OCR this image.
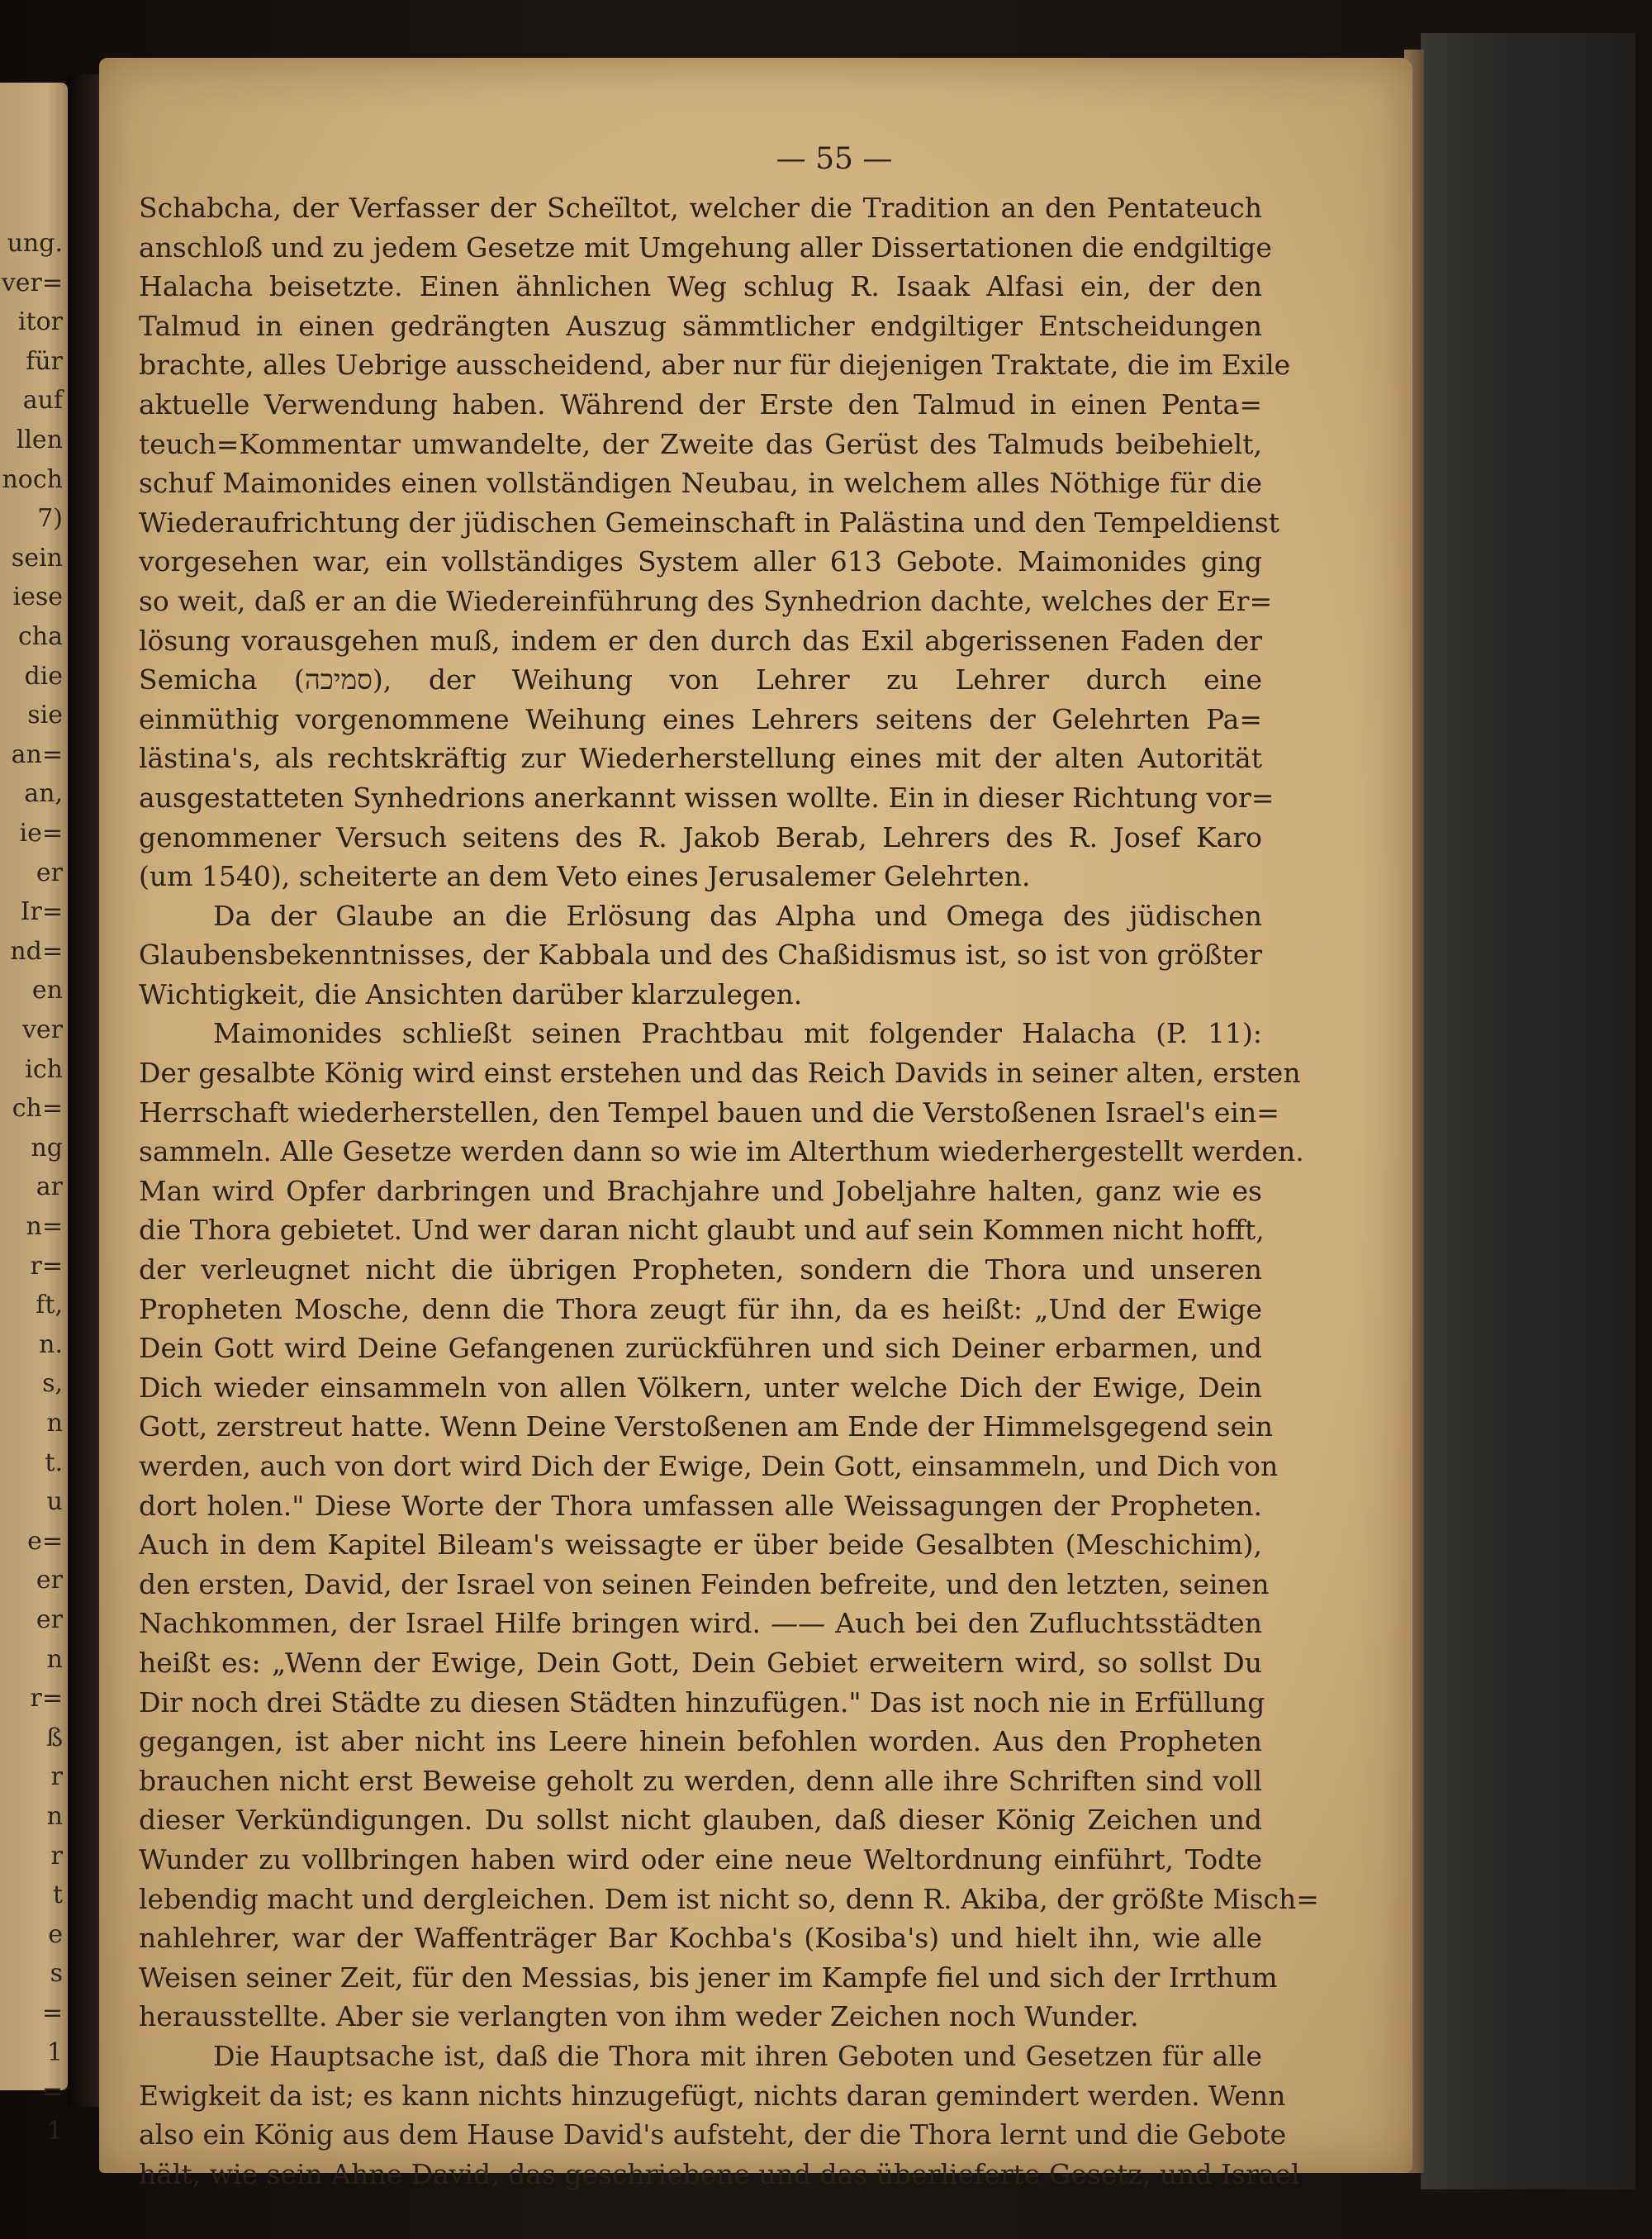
ung.
ver=
itor
für
auf
llen
noch
7)
sein
iese
cha
die
sie
an=
an,
ie=
er
Ir=
nd=
en
ver
ich
ch=
ng
ar
n=
r=
ft,
n.
s,
n
t.
u
e=
er
er
n
r=
ß
r
n
r
t
e
s
=
1
=
1
— 55 —
Schabcha, der Verfasser der Scheïltot, welcher die Tradition an den Pentateuch
anschloß und zu jedem Gesetze mit Umgehung aller Dissertationen die endgiltige
Halacha beisetzte. Einen ähnlichen Weg schlug R. Isaak Alfasi ein, der den
Talmud in einen gedrängten Auszug sämmtlicher endgiltiger Entscheidungen
brachte, alles Uebrige ausscheidend, aber nur für diejenigen Traktate, die im Exile
aktuelle Verwendung haben. Während der Erste den Talmud in einen Penta=
teuch=Kommentar umwandelte, der Zweite das Gerüst des Talmuds beibehielt,
schuf Maimonides einen vollständigen Neubau, in welchem alles Nöthige für die
Wiederaufrichtung der jüdischen Gemeinschaft in Palästina und den Tempeldienst
vorgesehen war, ein vollständiges System aller 613 Gebote. Maimonides ging
so weit, daß er an die Wiedereinführung des Synhedrion dachte, welches der Er=
lösung vorausgehen muß, indem er den durch das Exil abgerissenen Faden der
Semicha (סמיכה), der Weihung von Lehrer zu Lehrer durch eine
einmüthig vorgenommene Weihung eines Lehrers seitens der Gelehrten Pa=
lästina's, als rechtskräftig zur Wiederherstellung eines mit der alten Autorität
ausgestatteten Synhedrions anerkannt wissen wollte. Ein in dieser Richtung vor=
genommener Versuch seitens des R. Jakob Berab, Lehrers des R. Josef Karo
(um 1540), scheiterte an dem Veto eines Jerusalemer Gelehrten.
Da der Glaube an die Erlösung das Alpha und Omega des jüdischen
Glaubensbekenntnisses, der Kabbala und des Chaßidismus ist, so ist von größter
Wichtigkeit, die Ansichten darüber klarzulegen.
Maimonides schließt seinen Prachtbau mit folgender Halacha (P. 11):
Der gesalbte König wird einst erstehen und das Reich Davids in seiner alten, ersten
Herrschaft wiederherstellen, den Tempel bauen und die Verstoßenen Israel's ein=
sammeln. Alle Gesetze werden dann so wie im Alterthum wiederhergestellt werden.
Man wird Opfer darbringen und Brachjahre und Jobeljahre halten, ganz wie es
die Thora gebietet. Und wer daran nicht glaubt und auf sein Kommen nicht hofft,
der verleugnet nicht die übrigen Propheten, sondern die Thora und unseren
Propheten Mosche, denn die Thora zeugt für ihn, da es heißt: „Und der Ewige
Dein Gott wird Deine Gefangenen zurückführen und sich Deiner erbarmen, und
Dich wieder einsammeln von allen Völkern, unter welche Dich der Ewige, Dein
Gott, zerstreut hatte. Wenn Deine Verstoßenen am Ende der Himmelsgegend sein
werden, auch von dort wird Dich der Ewige, Dein Gott, einsammeln, und Dich von
dort holen." Diese Worte der Thora umfassen alle Weissagungen der Propheten.
Auch in dem Kapitel Bileam's weissagte er über beide Gesalbten (Meschichim),
den ersten, David, der Israel von seinen Feinden befreite, und den letzten, seinen
Nachkommen, der Israel Hilfe bringen wird. —— Auch bei den Zufluchtsstädten
heißt es: „Wenn der Ewige, Dein Gott, Dein Gebiet erweitern wird, so sollst Du
Dir noch drei Städte zu diesen Städten hinzufügen." Das ist noch nie in Erfüllung
gegangen, ist aber nicht ins Leere hinein befohlen worden. Aus den Propheten
brauchen nicht erst Beweise geholt zu werden, denn alle ihre Schriften sind voll
dieser Verkündigungen. Du sollst nicht glauben, daß dieser König Zeichen und
Wunder zu vollbringen haben wird oder eine neue Weltordnung einführt, Todte
lebendig macht und dergleichen. Dem ist nicht so, denn R. Akiba, der größte Misch=
nahlehrer, war der Waffenträger Bar Kochba's (Kosiba's) und hielt ihn, wie alle
Weisen seiner Zeit, für den Messias, bis jener im Kampfe fiel und sich der Irrthum
herausstellte. Aber sie verlangten von ihm weder Zeichen noch Wunder.
Die Hauptsache ist, daß die Thora mit ihren Geboten und Gesetzen für alle
Ewigkeit da ist; es kann nichts hinzugefügt, nichts daran gemindert werden. Wenn
also ein König aus dem Hause David's aufsteht, der die Thora lernt und die Gebote
hält, wie sein Ahne David, das geschriebene und das überlieferte Gesetz, und Israel
